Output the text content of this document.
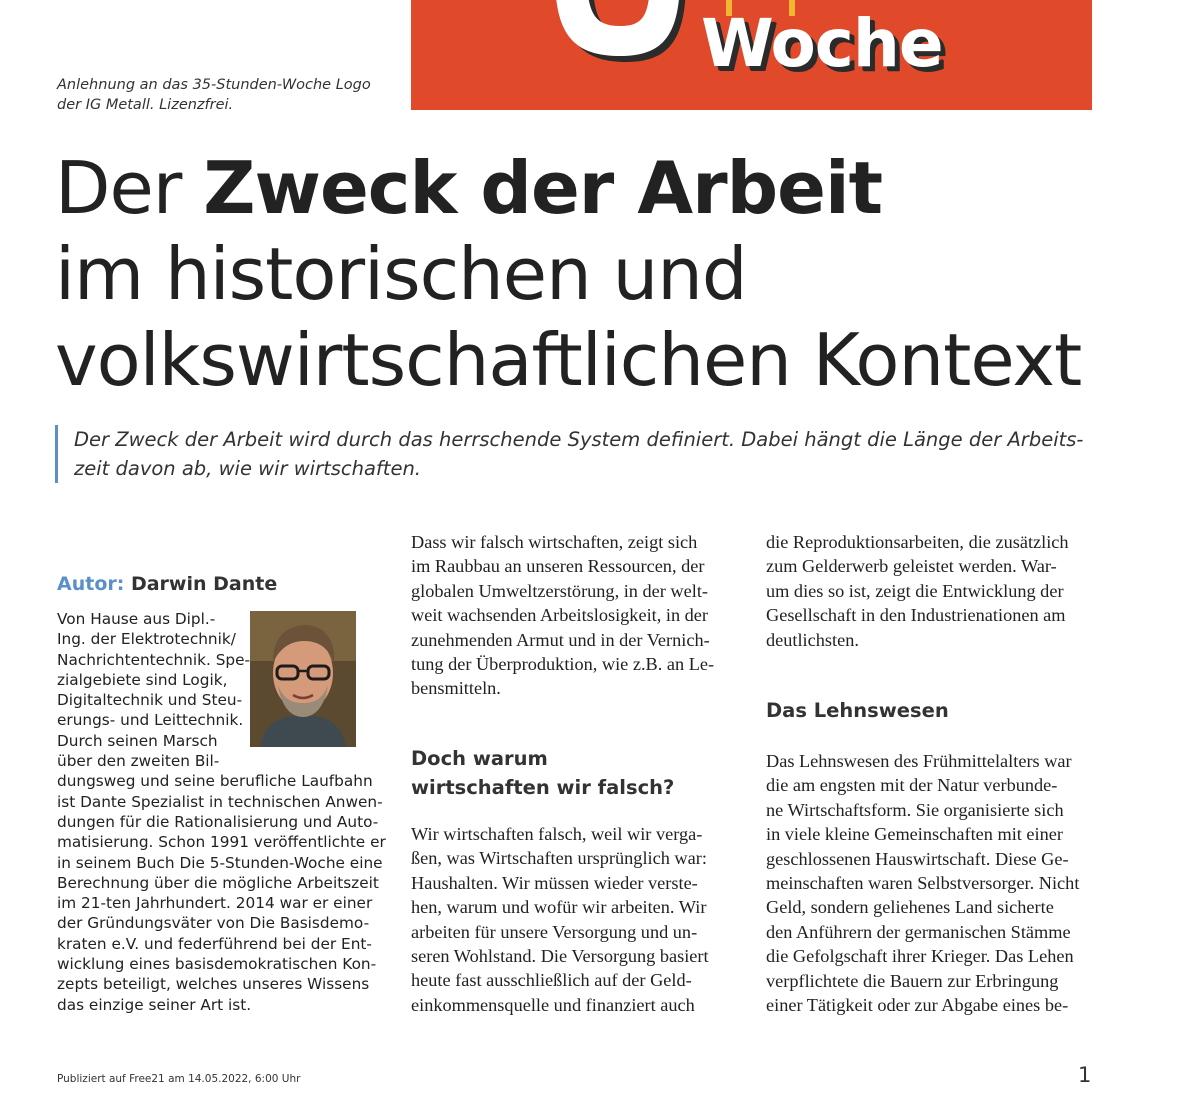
Woche
Anlehnung an das 35-Stunden-Woche Logo
der IG Metall. Lizenzfrei.
Der Zweck der Arbeit
im historischen und
volkswirtschaftlichen Kontext
Der Zweck der Arbeit wird durch das herrschende System definiert. Dabei hängt die Länge der Arbeits-
zeit davon ab, wie wir wirtschaften.
Autor: Darwin Dante
Von Hause aus Dipl.-
Ing. der Elektrotechnik/
Nachrichtentechnik. Spe-
zialgebiete sind Logik,
Digitaltechnik und Steu-
erungs- und Leittechnik.
Durch seinen Marsch
über den zweiten Bil-
dungsweg und seine berufliche Laufbahn
ist Dante Spezialist in technischen Anwen-
dungen für die Rationalisierung und Auto-
matisierung. Schon 1991 veröffentlichte er
in seinem Buch Die 5-Stunden-Woche eine
Berechnung über die mögliche Arbeitszeit
im 21-ten Jahrhundert. 2014 war er einer
der Gründungsväter von Die Basisdemo-
kraten e.V. und federführend bei der Ent-
wicklung eines basisdemokratischen Kon-
zepts beteiligt, welches unseres Wissens
das einzige seiner Art ist.
Dass wir falsch wirtschaften, zeigt sich
im Raubbau an unseren Ressourcen, der
globalen Umweltzerstörung, in der welt-
weit wachsenden Arbeitslosigkeit, in der
zunehmenden Armut und in der Vernich-
tung der Überproduktion, wie z.B. an Le-
bensmitteln.
Doch warum
wirtschaften wir falsch?
Wir wirtschaften falsch, weil wir verga-
ßen, was Wirtschaften ursprünglich war:
Haushalten. Wir müssen wieder verste-
hen, warum und wofür wir arbeiten. Wir
arbeiten für unsere Versorgung und un-
seren Wohlstand. Die Versorgung basiert
heute fast ausschließlich auf der Geld-
einkommensquelle und finanziert auch
die Reproduktionsarbeiten, die zusätzlich
zum Gelderwerb geleistet werden. War-
um dies so ist, zeigt die Entwicklung der
Gesellschaft in den Industrienationen am
deutlichsten.
Das Lehnswesen
Das Lehnswesen des Frühmittelalters war
die am engsten mit der Natur verbunde-
ne Wirtschaftsform. Sie organisierte sich
in viele kleine Gemeinschaften mit einer
geschlossenen Hauswirtschaft. Diese Ge-
meinschaften waren Selbstversorger. Nicht
Geld, sondern geliehenes Land sicherte
den Anführern der germanischen Stämme
die Gefolgschaft ihrer Krieger. Das Lehen
verpflichtete die Bauern zur Erbringung
einer Tätigkeit oder zur Abgabe eines be-
Publiziert auf Free21 am 14.05.2022, 6:00 Uhr	1
